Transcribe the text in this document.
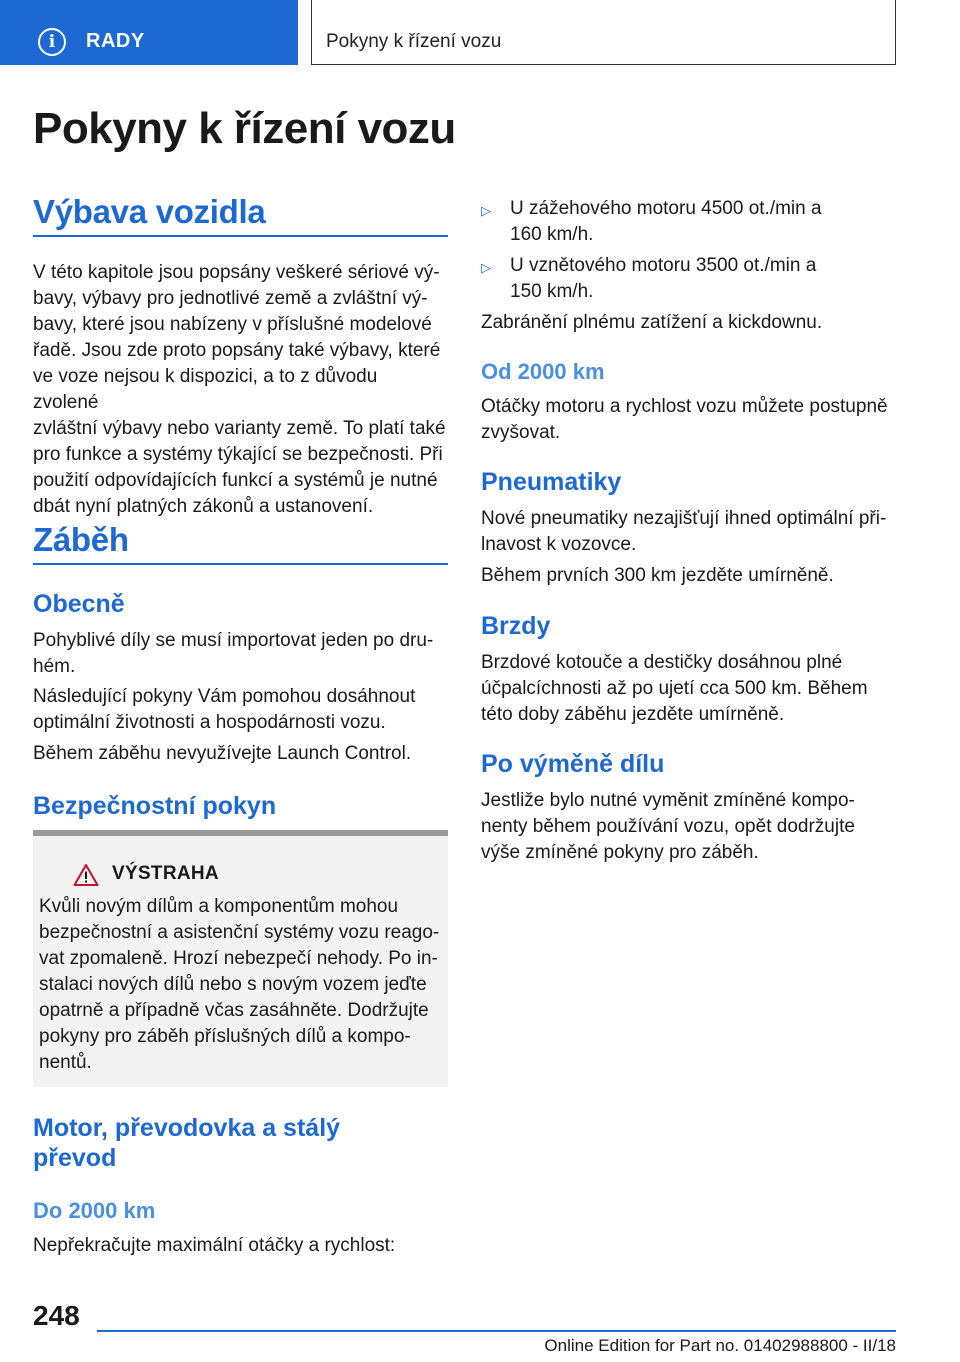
i	RADY	Pokyny k řízení vozu
Pokyny k řízení vozu
Výbava vozidla
V této kapitole jsou popsány veškeré sériové vý-
bavy, výbavy pro jednotlivé země a zvláštní vý-
bavy, které jsou nabízeny v příslušné modelové
řadě. Jsou zde proto popsány také výbavy, které
ve voze nejsou k dispozici, a to z důvodu zvolené
zvláštní výbavy nebo varianty země. To platí také
pro funkce a systémy týkající se bezpečnosti. Při
použití odpovídajících funkcí a systémů je nutné
dbát nyní platných zákonů a ustanovení.
Záběh
Obecně
Pohyblivé díly se musí importovat jeden po dru-
hém.
Následující pokyny Vám pomohou dosáhnout
optimální životnosti a hospodárnosti vozu.
Během záběhu nevyužívejte Launch Control.
Bezpečnostní pokyn
VÝSTRAHA
Kvůli novým dílům a komponentům mohou
bezpečnostní a asistenční systémy vozu reago-
vat zpomaleně. Hrozí nebezpečí nehody. Po in-
stalaci nových dílů nebo s novým vozem jeďte
opatrně a případně včas zasáhněte. Dodržujte
pokyny pro záběh příslušných dílů a kompo-
nentů.
Motor, převodovka a stálý
převod
Do 2000 km
Nepřekračujte maximální otáčky a rychlost:
▷ U zážehového motoru 4500 ot./min a
160 km/h.
▷ U vznětového motoru 3500 ot./min a
150 km/h.
Zabránění plnému zatížení a kickdownu.
Od 2000 km
Otáčky motoru a rychlost vozu můžete postupně
zvyšovat.
Pneumatiky
Nové pneumatiky nezajišťují ihned optimální při-
lnavost k vozovce.
Během prvních 300 km jezděte umírněně.
Brzdy
Brzdové kotouče a destičky dosáhnou plné
účpalcíchnosti až po ujetí cca 500 km. Během
této doby záběhu jezděte umírněně.
Po výměně dílu
Jestliže bylo nutné vyměnit zmíněné kompo-
nenty během používání vozu, opět dodržujte
výše zmíněné pokyny pro záběh.
248
Online Edition for Part no. 01402988800 - II/18
